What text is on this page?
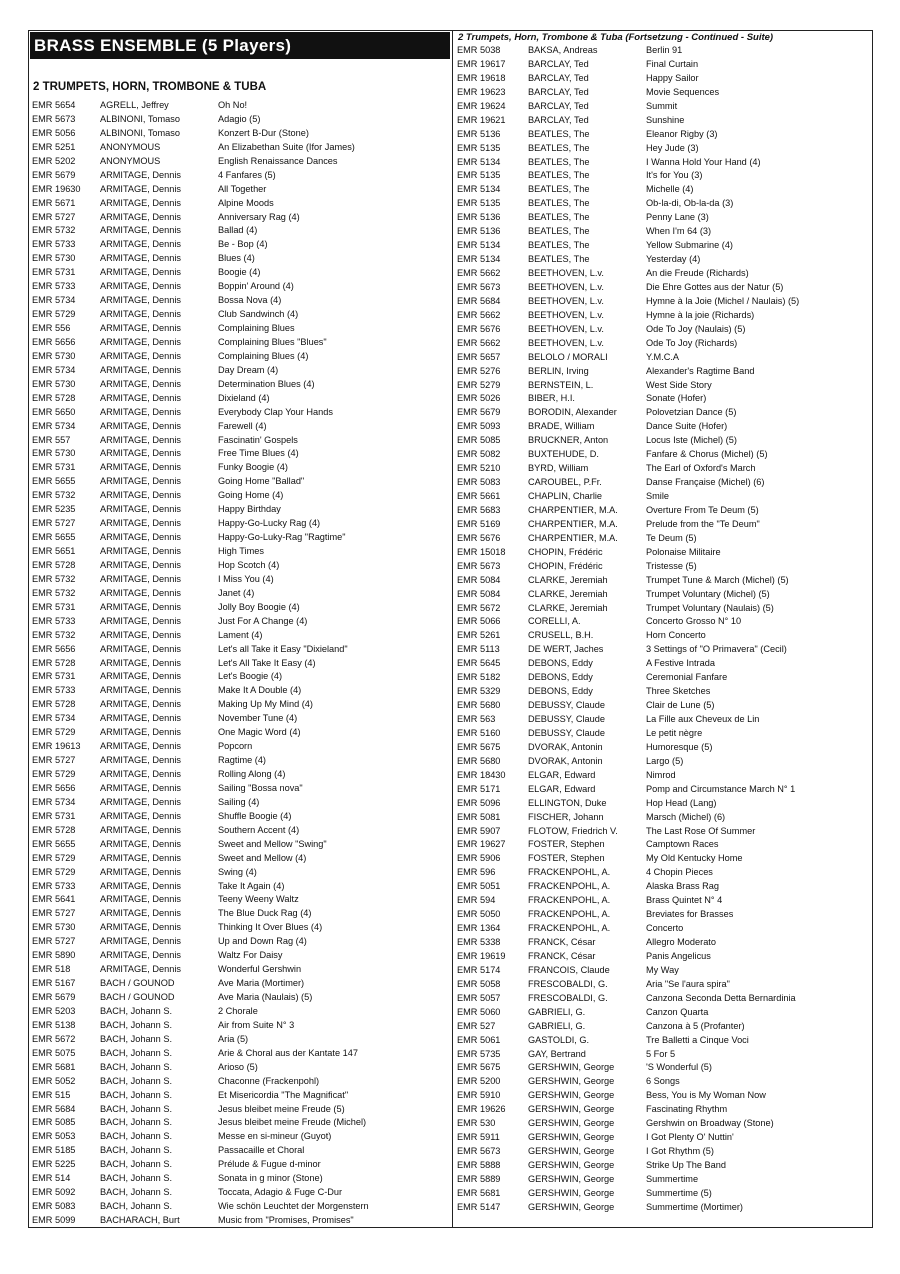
BRASS ENSEMBLE (5 Players)
2 TRUMPETS, HORN, TROMBONE & TUBA
EMR 5654	AGRELL, Jeffrey	Oh No!
EMR 5673	ALBINONI, Tomaso	Adagio (5)
EMR 5056	ALBINONI, Tomaso	Konzert B-Dur (Stone)
EMR 5251	ANONYMOUS	An Elizabethan Suite (Ifor James)
EMR 5202	ANONYMOUS	English Renaissance Dances
EMR 5679	ARMITAGE, Dennis	4 Fanfares (5)
EMR 19630	ARMITAGE, Dennis	All Together
EMR 5671	ARMITAGE, Dennis	Alpine Moods
EMR 5727	ARMITAGE, Dennis	Anniversary Rag (4)
EMR 5732	ARMITAGE, Dennis	Ballad (4)
EMR 5733	ARMITAGE, Dennis	Be - Bop (4)
EMR 5730	ARMITAGE, Dennis	Blues (4)
EMR 5731	ARMITAGE, Dennis	Boogie (4)
EMR 5733	ARMITAGE, Dennis	Boppin' Around (4)
EMR 5734	ARMITAGE, Dennis	Bossa Nova (4)
EMR 5729	ARMITAGE, Dennis	Club Sandwinch (4)
EMR 556	ARMITAGE, Dennis	Complaining Blues
EMR 5656	ARMITAGE, Dennis	Complaining Blues "Blues"
EMR 5730	ARMITAGE, Dennis	Complaining Blues (4)
EMR 5734	ARMITAGE, Dennis	Day Dream (4)
EMR 5730	ARMITAGE, Dennis	Determination Blues (4)
EMR 5728	ARMITAGE, Dennis	Dixieland (4)
EMR 5650	ARMITAGE, Dennis	Everybody Clap Your Hands
EMR 5734	ARMITAGE, Dennis	Farewell (4)
EMR 557	ARMITAGE, Dennis	Fascinatin' Gospels
EMR 5730	ARMITAGE, Dennis	Free Time Blues (4)
EMR 5731	ARMITAGE, Dennis	Funky Boogie (4)
EMR 5655	ARMITAGE, Dennis	Going Home "Ballad"
EMR 5732	ARMITAGE, Dennis	Going Home (4)
EMR 5235	ARMITAGE, Dennis	Happy Birthday
EMR 5727	ARMITAGE, Dennis	Happy-Go-Lucky Rag (4)
EMR 5655	ARMITAGE, Dennis	Happy-Go-Luky-Rag "Ragtime"
EMR 5651	ARMITAGE, Dennis	High Times
EMR 5728	ARMITAGE, Dennis	Hop Scotch (4)
EMR 5732	ARMITAGE, Dennis	I Miss You (4)
EMR 5732	ARMITAGE, Dennis	Janet (4)
EMR 5731	ARMITAGE, Dennis	Jolly Boy Boogie (4)
EMR 5733	ARMITAGE, Dennis	Just For A Change (4)
EMR 5732	ARMITAGE, Dennis	Lament (4)
EMR 5656	ARMITAGE, Dennis	Let's all Take it Easy "Dixieland"
EMR 5728	ARMITAGE, Dennis	Let's All Take It Easy (4)
EMR 5731	ARMITAGE, Dennis	Let's Boogie (4)
EMR 5733	ARMITAGE, Dennis	Make It A Double (4)
EMR 5728	ARMITAGE, Dennis	Making Up My Mind (4)
EMR 5734	ARMITAGE, Dennis	November Tune (4)
EMR 5729	ARMITAGE, Dennis	One Magic Word (4)
EMR 19613	ARMITAGE, Dennis	Popcorn
EMR 5727	ARMITAGE, Dennis	Ragtime (4)
EMR 5729	ARMITAGE, Dennis	Rolling Along (4)
EMR 5656	ARMITAGE, Dennis	Sailing "Bossa nova"
EMR 5734	ARMITAGE, Dennis	Sailing (4)
EMR 5731	ARMITAGE, Dennis	Shuffle Boogie (4)
EMR 5728	ARMITAGE, Dennis	Southern Accent (4)
EMR 5655	ARMITAGE, Dennis	Sweet and Mellow "Swing"
EMR 5729	ARMITAGE, Dennis	Sweet and Mellow (4)
EMR 5729	ARMITAGE, Dennis	Swing (4)
EMR 5733	ARMITAGE, Dennis	Take It Again (4)
EMR 5641	ARMITAGE, Dennis	Teeny Weeny Waltz
EMR 5727	ARMITAGE, Dennis	The Blue Duck Rag (4)
EMR 5730	ARMITAGE, Dennis	Thinking It Over Blues (4)
EMR 5727	ARMITAGE, Dennis	Up and Down Rag (4)
EMR 5890	ARMITAGE, Dennis	Waltz For Daisy
EMR 518	ARMITAGE, Dennis	Wonderful Gershwin
EMR 5167	BACH / GOUNOD	Ave Maria (Mortimer)
EMR 5679	BACH / GOUNOD	Ave Maria (Naulais) (5)
EMR 5203	BACH, Johann S.	2 Chorale
EMR 5138	BACH, Johann S.	Air from Suite N° 3
EMR 5672	BACH, Johann S.	Aria (5)
EMR 5075	BACH, Johann S.	Arie & Choral aus der Kantate 147
EMR 5681	BACH, Johann S.	Arioso (5)
EMR 5052	BACH, Johann S.	Chaconne (Frackenpohl)
EMR 515	BACH, Johann S.	Et Misericordia "The Magnificat"
EMR 5684	BACH, Johann S.	Jesus bleibet meine Freude (5)
EMR 5085	BACH, Johann S.	Jesus bleibet meine Freude (Michel)
EMR 5053	BACH, Johann S.	Messe en si-mineur (Guyot)
EMR 5185	BACH, Johann S.	Passacaille et Choral
EMR 5225	BACH, Johann S.	Prélude & Fugue d-minor
EMR 514	BACH, Johann S.	Sonata in g minor (Stone)
EMR 5092	BACH, Johann S.	Toccata, Adagio & Fuge C-Dur
EMR 5083	BACH, Johann S.	Wie schön Leuchtet der Morgenstern
EMR 5099	BACHARACH, Burt	Music from "Promises, Promises"
2 Trumpets, Horn, Trombone & Tuba (Fortsetzung - Continued - Suite)
EMR 5038	BAKSA, Andreas	Berlin 91
EMR 19617	BARCLAY, Ted	Final Curtain
EMR 19618	BARCLAY, Ted	Happy Sailor
EMR 19623	BARCLAY, Ted	Movie Sequences
EMR 19624	BARCLAY, Ted	Summit
EMR 19621	BARCLAY, Ted	Sunshine
EMR 5136	BEATLES, The	Eleanor Rigby (3)
EMR 5135	BEATLES, The	Hey Jude (3)
EMR 5134	BEATLES, The	I Wanna Hold Your Hand (4)
EMR 5135	BEATLES, The	It's for You (3)
EMR 5134	BEATLES, The	Michelle (4)
EMR 5135	BEATLES, The	Ob-la-di, Ob-la-da (3)
EMR 5136	BEATLES, The	Penny Lane (3)
EMR 5136	BEATLES, The	When I'm 64 (3)
EMR 5134	BEATLES, The	Yellow Submarine (4)
EMR 5134	BEATLES, The	Yesterday (4)
EMR 5662	BEETHOVEN, L.v.	An die Freude (Richards)
EMR 5673	BEETHOVEN, L.v.	Die Ehre Gottes aus der Natur (5)
EMR 5684	BEETHOVEN, L.v.	Hymne à la Joie (Michel / Naulais) (5)
EMR 5662	BEETHOVEN, L.v.	Hymne à la joie (Richards)
EMR 5676	BEETHOVEN, L.v.	Ode To Joy (Naulais) (5)
EMR 5662	BEETHOVEN, L.v.	Ode To Joy (Richards)
EMR 5657	BELOLO / MORALI	Y.M.C.A
EMR 5276	BERLIN, Irving	Alexander's Ragtime Band
EMR 5279	BERNSTEIN, L.	West Side Story
EMR 5026	BIBER, H.I.	Sonate (Hofer)
EMR 5679	BORODIN, Alexander	Polovetzian Dance (5)
EMR 5093	BRADE, William	Dance Suite (Hofer)
EMR 5085	BRUCKNER, Anton	Locus Iste (Michel) (5)
EMR 5082	BUXTEHUDE, D.	Fanfare & Chorus (Michel) (5)
EMR 5210	BYRD, William	The Earl of Oxford's March
EMR 5083	CAROUBEL, P.Fr.	Danse Française (Michel) (6)
EMR 5661	CHAPLIN, Charlie	Smile
EMR 5683	CHARPENTIER, M.A.	Overture From Te Deum (5)
EMR 5169	CHARPENTIER, M.A.	Prelude from the "Te Deum"
EMR 5676	CHARPENTIER, M.A.	Te Deum (5)
EMR 15018	CHOPIN, Frédéric	Polonaise Militaire
EMR 5673	CHOPIN, Frédéric	Tristesse (5)
EMR 5084	CLARKE, Jeremiah	Trumpet Tune & March (Michel) (5)
EMR 5084	CLARKE, Jeremiah	Trumpet Voluntary (Michel) (5)
EMR 5672	CLARKE, Jeremiah	Trumpet Voluntary (Naulais) (5)
EMR 5066	CORELLI, A.	Concerto Grosso N° 10
EMR 5261	CRUSELL, B.H.	Horn Concerto
EMR 5113	DE WERT, Jaches	3 Settings of "O Primavera" (Cecil)
EMR 5645	DEBONS, Eddy	A Festive Intrada
EMR 5182	DEBONS, Eddy	Ceremonial Fanfare
EMR 5329	DEBONS, Eddy	Three Sketches
EMR 5680	DEBUSSY, Claude	Clair de Lune (5)
EMR 563	DEBUSSY, Claude	La Fille aux Cheveux de Lin
EMR 5160	DEBUSSY, Claude	Le petit nègre
EMR 5675	DVORAK, Antonin	Humoresque (5)
EMR 5680	DVORAK, Antonin	Largo (5)
EMR 18430	ELGAR, Edward	Nimrod
EMR 5171	ELGAR, Edward	Pomp and Circumstance March N° 1
EMR 5096	ELLINGTON, Duke	Hop Head (Lang)
EMR 5081	FISCHER, Johann	Marsch (Michel) (6)
EMR 5907	FLOTOW, Friedrich V.	The Last Rose Of Summer
EMR 19627	FOSTER, Stephen	Camptown Races
EMR 5906	FOSTER, Stephen	My Old Kentucky Home
EMR 596	FRACKENPOHL, A.	4 Chopin Pieces
EMR 5051	FRACKENPOHL, A.	Alaska Brass Rag
EMR 594	FRACKENPOHL, A.	Brass Quintet N° 4
EMR 5050	FRACKENPOHL, A.	Breviates for Brasses
EMR 1364	FRACKENPOHL, A.	Concerto
EMR 5338	FRANCK, César	Allegro Moderato
EMR 19619	FRANCK, César	Panis Angelicus
EMR 5174	FRANCOIS, Claude	My Way
EMR 5058	FRESCOBALDI, G.	Aria "Se l'aura spira"
EMR 5057	FRESCOBALDI, G.	Canzona Seconda Detta Bernardinia
EMR 5060	GABRIELI, G.	Canzon Quarta
EMR 527	GABRIELI, G.	Canzona à 5 (Profanter)
EMR 5061	GASTOLDI, G.	Tre Balletti a Cinque Voci
EMR 5735	GAY, Bertrand	5 For 5
EMR 5675	GERSHWIN, George	'S Wonderful (5)
EMR 5200	GERSHWIN, George	6 Songs
EMR 5910	GERSHWIN, George	Bess, You is My Woman Now
EMR 19626	GERSHWIN, George	Fascinating Rhythm
EMR 530	GERSHWIN, George	Gershwin on Broadway (Stone)
EMR 5911	GERSHWIN, George	I Got Plenty O' Nuttin'
EMR 5673	GERSHWIN, George	I Got Rhythm (5)
EMR 5888	GERSHWIN, George	Strike Up The Band
EMR 5889	GERSHWIN, George	Summertime
EMR 5681	GERSHWIN, George	Summertime (5)
EMR 5147	GERSHWIN, George	Summertime (Mortimer)
